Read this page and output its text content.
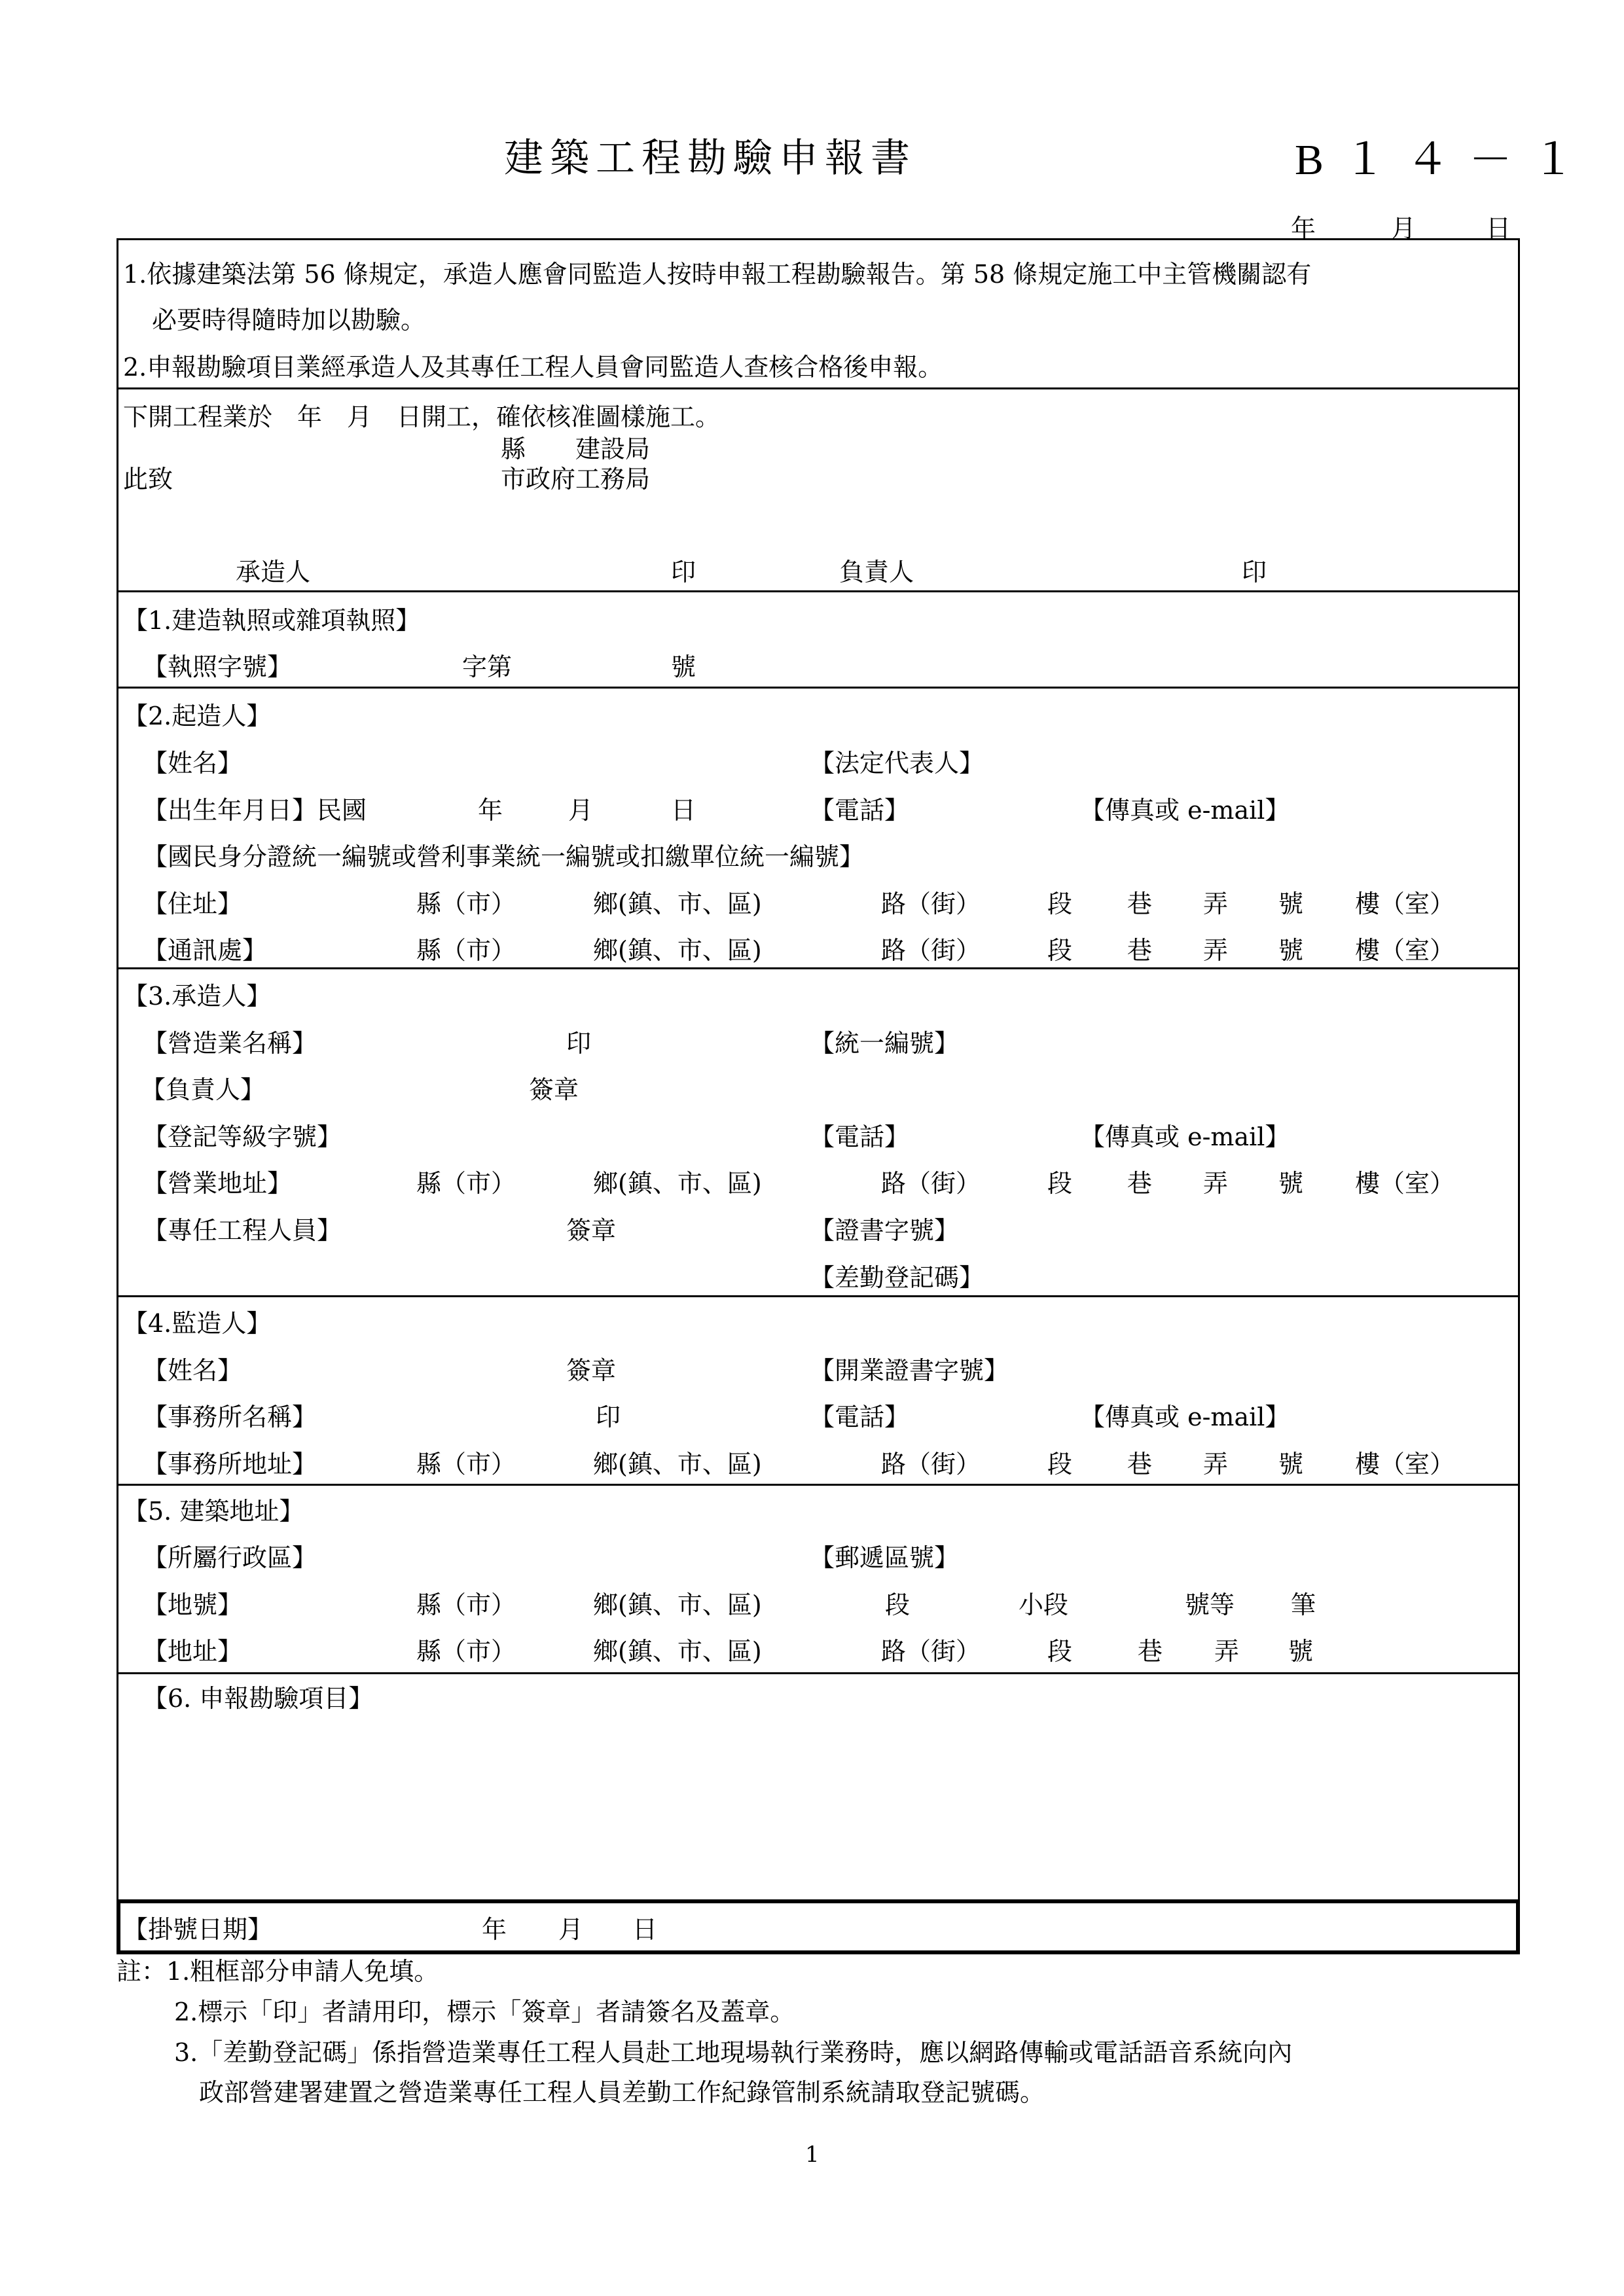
建築工程勘驗申報書	B１４－１
年	月	日
1.依據建築法第 56 條規定，承造人應會同監造人按時申報工程勘驗報告。第 58 條規定施工中主管機關認有
必要時得隨時加以勘驗。
2.申報勘驗項目業經承造人及其專任工程人員會同監造人查核合格後申報。
下開工程業於　年　月　日開工，確依核准圖樣施工。
縣　　建設局
此致	市政府工務局
承造人	印	負責人	印
【1.建造執照或雜項執照】
【執照字號】	字第	號
【2.起造人】
【姓名】	【法定代表人】
【出生年月日】民國	年	月	日	【電話】	【傳真或 e-mail】
【國民身分證統一編號或營利事業統一編號或扣繳單位統一編號】
【住址】	縣（市）	鄉(鎮、市、區)	路（街）	段 巷 弄 號 樓（室）
【通訊處】	縣（市）	鄉(鎮、市、區)	路（街）	段 巷 弄 號 樓（室）
【3.承造人】
【營造業名稱】	印	【統一編號】
【負責人】	簽章
【登記等級字號】	【電話】	【傳真或 e-mail】
【營業地址】	縣（市）	鄉(鎮、市、區)	路（街）	段 巷 弄 號 樓（室）
【專任工程人員】	簽章	【證書字號】
【差勤登記碼】
【4.監造人】
【姓名】	簽章	【開業證書字號】
【事務所名稱】	印	【電話】	【傳真或 e-mail】
【事務所地址】	縣（市）	鄉(鎮、市、區)	路（街）	段 巷 弄 號 樓（室）
【5. 建築地址】
【所屬行政區】	【郵遞區號】
【地號】	縣（市）	鄉(鎮、市、區)	段	小段	號等 筆
【地址】	縣（市）	鄉(鎮、市、區)	路（街）	段	巷 弄 號
【6. 申報勘驗項目】
【掛號日期】	年 月 日
註：1.粗框部分申請人免填。
2.標示「印」者請用印，標示「簽章」者請簽名及蓋章。
3.「差勤登記碼」係指營造業專任工程人員赴工地現場執行業務時，應以網路傳輸或電話語音系統向內
政部營建署建置之營造業專任工程人員差勤工作紀錄管制系統請取登記號碼。
1
